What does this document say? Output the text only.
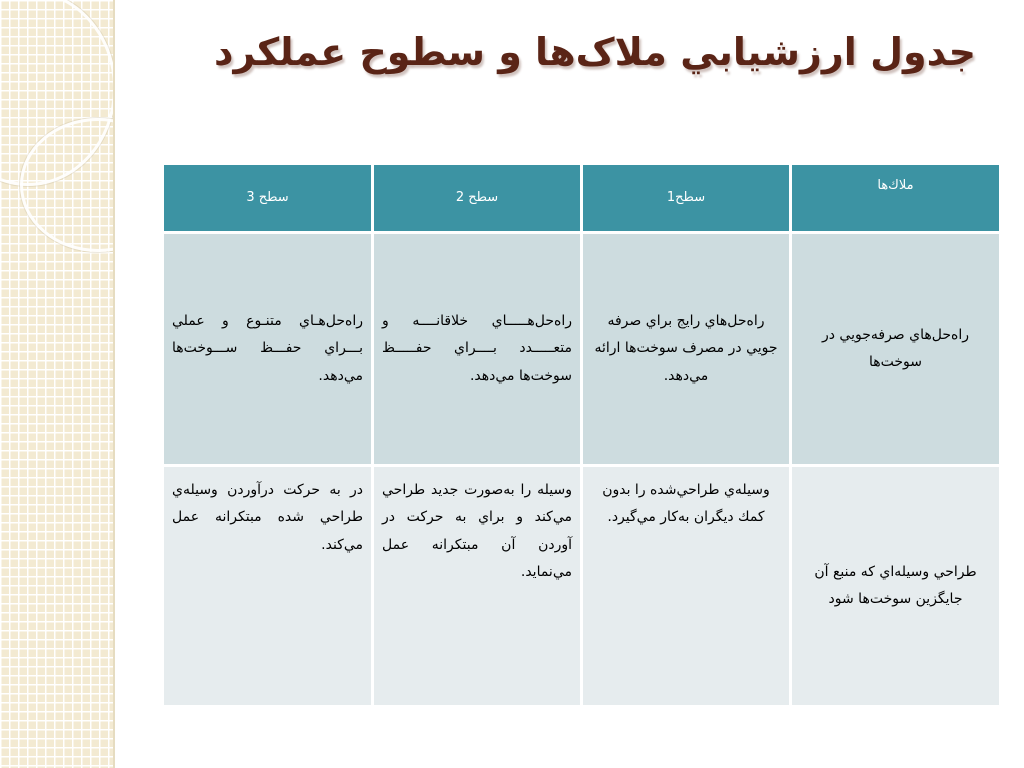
جدول ارزشيابي ملاک‌ها و سطوح عملکرد
ملاك‌ها	سطح1	سطح 2	سطح 3
راه‌حل‌هاي صرفه‌جويي در سوخت‌ها	راه‌حل‌هاي رايج براي صرفه جويي در مصرف سوخت‌ها ارائه مي‌دهد.	راه‌حل‌هـــــاي خلاقانــــه و متعـــــدد بــــراي حفـــــظ سوخت‌ها مي‌دهد.	راه‌حل‌هـاي متنـوع و عملي بـــراي حفـــظ ســـوخت‌ها مي‌دهد.
طراحي وسيله‌اي كه منبع آن جايگزين سوخت‌ها شود	وسيله‌ي طراحي‌شده را بدون كمك ديگران به‌كار مي‌گيرد.	وسيله را به‌صورت جديد طراحي مي‌كند و براي به حركت در آوردن آن مبتكرانه عمل مي‌نمايد.	در به حركت درآوردن وسيله‌ي طراحي شده مبتكرانه عمل مي‌كند.
